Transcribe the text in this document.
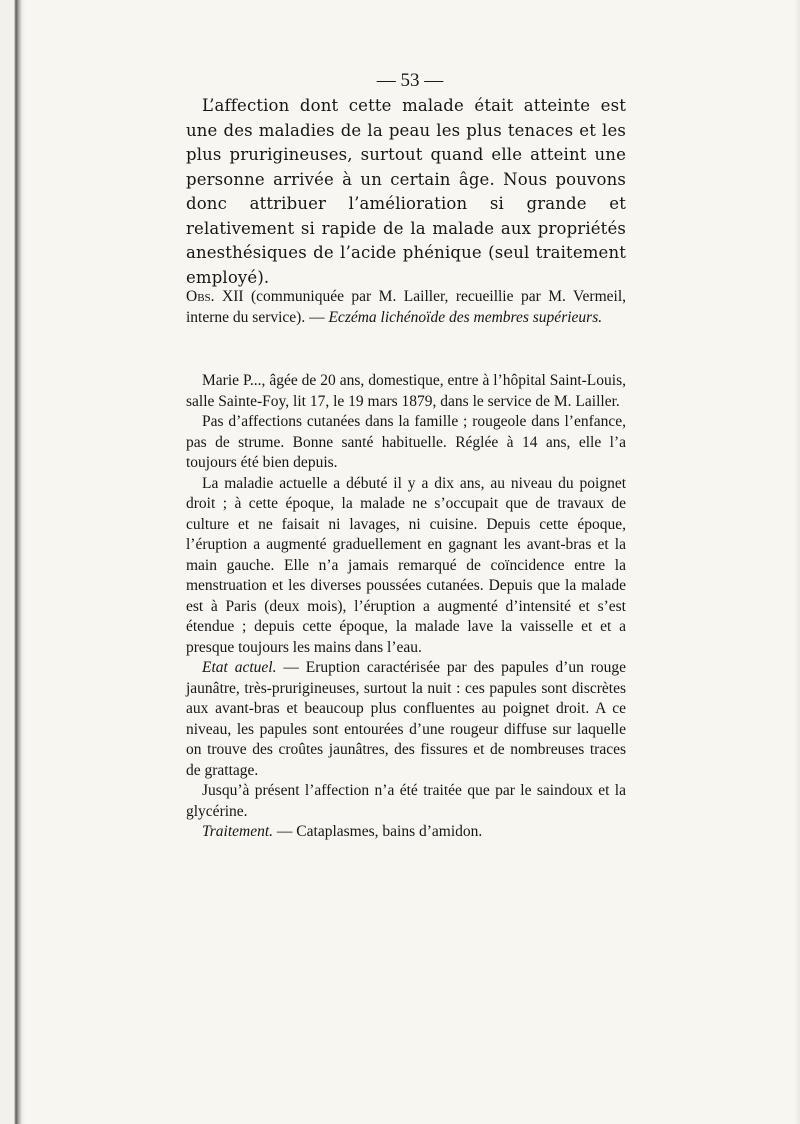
— 53 —

L’affection dont cette malade était atteinte est une des maladies de la peau les plus tenaces et les plus prurigineuses, surtout quand elle atteint une personne arrivée à un certain âge. Nous pouvons donc attribuer l’amélioration si grande et relativement si rapide de la malade aux propriétés anesthésiques de l’acide phénique (seul traitement employé).

Obs. XII (communiquée par M. Lailler, recueillie par M. Vermeil, interne du service). — Eczéma lichénoïde des membres supérieurs.

Marie P..., âgée de 20 ans, domestique, entre à l’hôpital Saint-Louis, salle Sainte-Foy, lit 17, le 19 mars 1879, dans le service de M. Lailler.

Pas d’affections cutanées dans la famille ; rougeole dans l’enfance, pas de strume. Bonne santé habituelle. Réglée à 14 ans, elle l’a toujours été bien depuis.

La maladie actuelle a débuté il y a dix ans, au niveau du poignet droit ; à cette époque, la malade ne s’occupait que de travaux de culture et ne faisait ni lavages, ni cuisine. Depuis cette époque, l’éruption a augmenté graduellement en gagnant les avant-bras et la main gauche. Elle n’a jamais remarqué de coïncidence entre la menstruation et les diverses poussées cutanées. Depuis que la malade est à Paris (deux mois), l’éruption a augmenté d’intensité et s’est étendue ; depuis cette époque, la malade lave la vaisselle et et a presque toujours les mains dans l’eau.

Etat actuel. — Eruption caractérisée par des papules d’un rouge jaunâtre, très-prurigineuses, surtout la nuit : ces papules sont discrètes aux avant-bras et beaucoup plus confluentes au poignet droit. A ce niveau, les papules sont entourées d’une rougeur diffuse sur laquelle on trouve des croûtes jaunâtres, des fissures et de nombreuses traces de grattage.

Jusqu’à présent l’affection n’a été traitée que par le saindoux et la glycérine.

Traitement. — Cataplasmes, bains d’amidon.
